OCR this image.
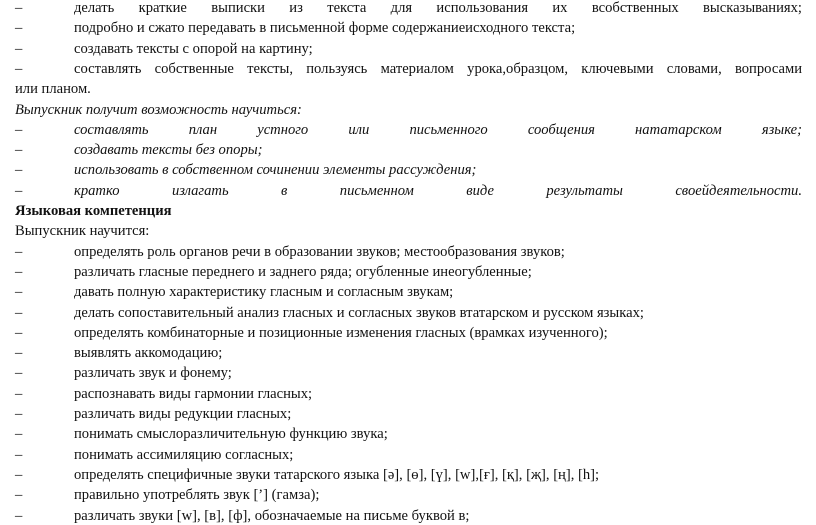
–	делать краткие выписки из текста для использования их всобственных высказываниях;
–	подробно и сжато передавать в письменной форме содержаниеисходного текста;
–	создавать тексты с опорой на картину;
–	составлять собственные тексты, пользуясь материалом урока,образцом, ключевыми словами, вопросами
или планом.
Выпускник получит возможность научиться:
–	составлять план устного или письменного сообщения нататарском языке;
–	создавать тексты без опоры;
–	использовать в собственном сочинении элементы рассуждения;
–	кратко излагать в письменном виде результаты своейдеятельности.
Языковая компетенция
Выпускник научится:
–	определять роль органов речи в образовании звуков; местообразования звуков;
–	различать гласные переднего и заднего ряда; огубленные инеогубленные;
–	давать полную характеристику гласным и согласным звукам;
–	делать сопоставительный анализ гласных и согласных звуков втатарском и русском языках;
–	определять комбинаторные и позиционные изменения гласных (врамках изученного);
–	выявлять аккомодацию;
–	различать звук и фонему;
–	распознавать виды гармонии гласных;
–	различать виды редукции гласных;
–	понимать смыслоразличительную функцию звука;
–	понимать ассимиляцию согласных;
–	определять специфичные звуки татарского языка [ә], [ө], [ү], [w],[ғ], [қ], [җ], [ң], [һ];
–	правильно употреблять звук [’] (гамза);
–	различать звуки [w], [в], [ф], обозначаемые на письме буквой в;
